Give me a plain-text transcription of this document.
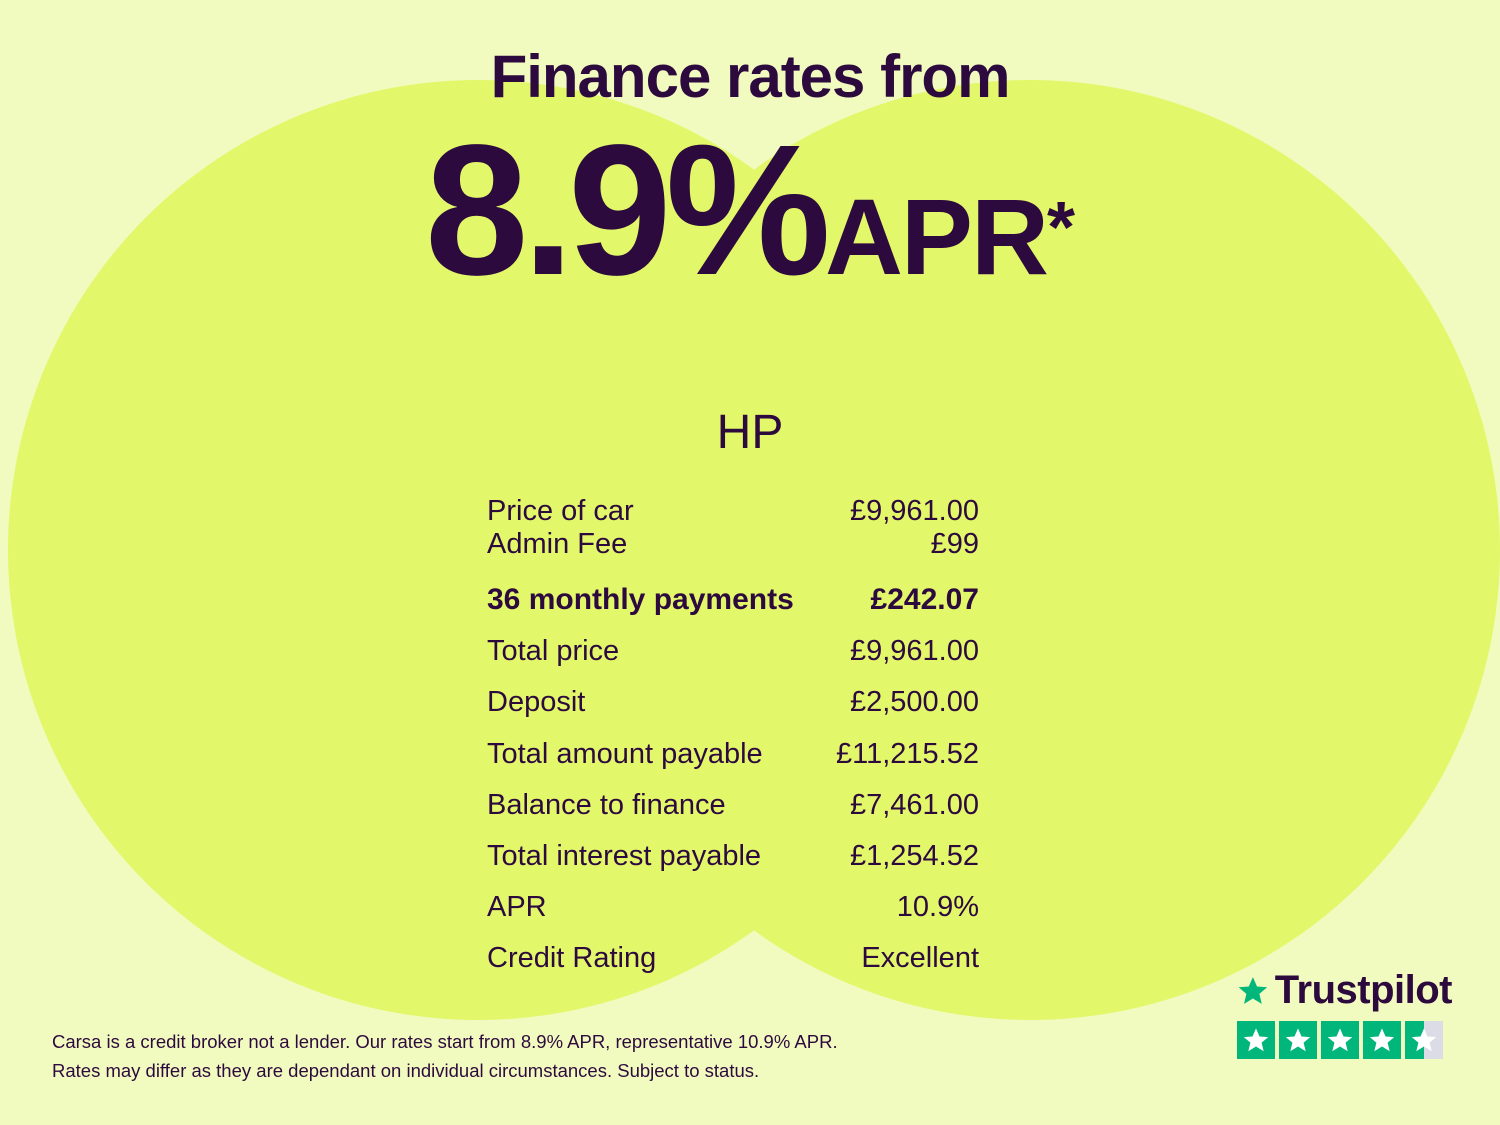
Finance rates from
8.9%APR*
HP
Price of car	£9,961.00
Admin Fee	£99
36 monthly payments	£242.07
Total price	£9,961.00
Deposit	£2,500.00
Total amount payable	£11,215.52
Balance to finance	£7,461.00
Total interest payable	£1,254.52
APR	10.9%
Credit Rating	Excellent
Carsa is a credit broker not a lender. Our rates start from 8.9% APR, representative 10.9% APR.
Rates may differ as they are dependant on individual circumstances. Subject to status.
Trustpilot
